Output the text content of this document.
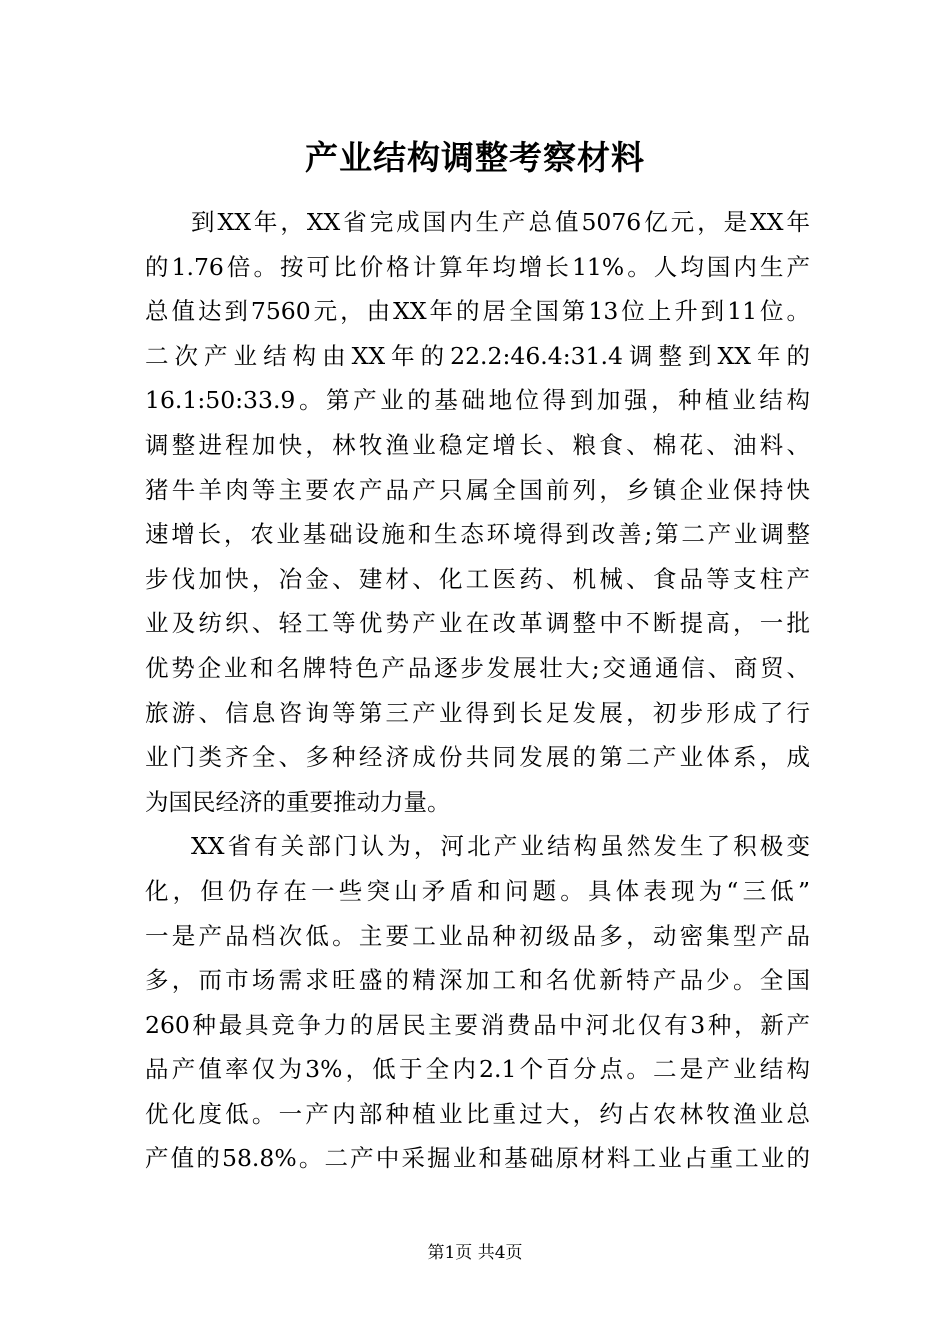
产业结构调整考察材料
到XX年，XX省完成国内生产总值5076亿元，是XX年
的1.76倍。按可比价格计算年均增长11%。人均国内生产
总值达到7560元，由XX年的居全国第13位上升到11位。
二次产业结构由XX年的22.2:46.4:31.4调整到XX年的
16.1:50:33.9。第产业的基础地位得到加强，种植业结构
调整进程加快，林牧渔业稳定增长、粮食、棉花、油料、
猪牛羊肉等主要农产品产只属全国前列，乡镇企业保持快
速增长，农业基础设施和生态环境得到改善;第二产业调整
步伐加快，冶金、建材、化工医药、机械、食品等支柱产
业及纺织、轻工等优势产业在改革调整中不断提高，一批
优势企业和名牌特色产品逐步发展壮大;交通通信、商贸、
旅游、信息咨询等第三产业得到长足发展，初步形成了行
业门类齐全、多种经济成份共同发展的第二产业体系，成
为国民经济的重要推动力量。
XX省有关部门认为，河北产业结构虽然发生了积极变
化，但仍存在一些突山矛盾和问题。具体表现为“三低”
一是产品档次低。主要工业品种初级品多，动密集型产品
多，而市场需求旺盛的精深加工和名优新特产品少。全国
260种最具竞争力的居民主要消费品中河北仅有3种，新产
品产值率仅为3%，低于全内2.1个百分点。二是产业结构
优化度低。一产内部种植业比重过大，约占农林牧渔业总
产值的58.8%。二产中采掘业和基础原材料工业占重工业的
第1页 共4页
